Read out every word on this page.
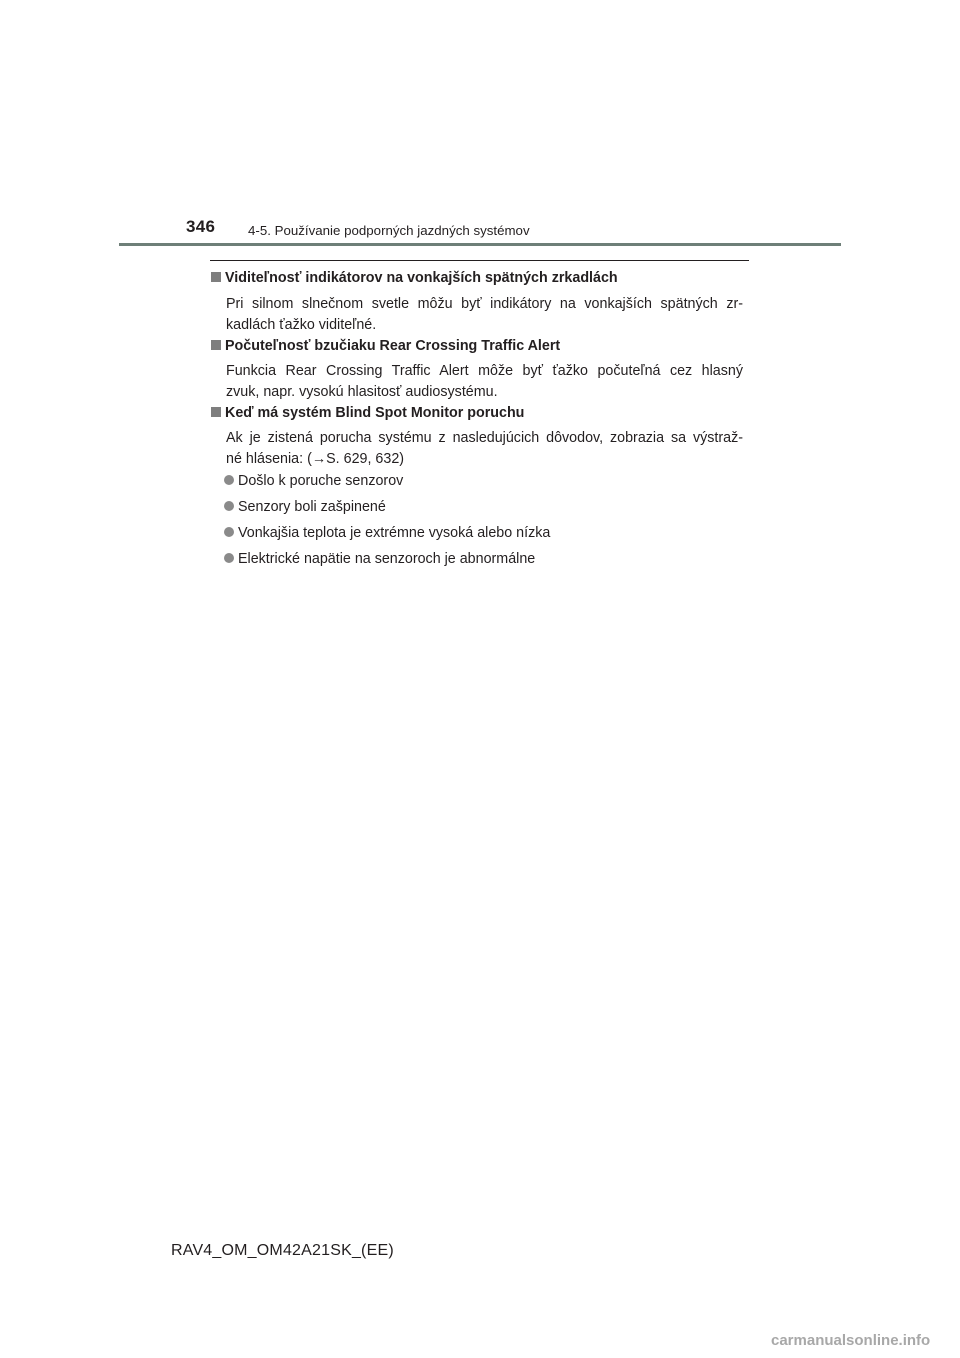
346 4-5. Používanie podporných jazdných systémov
Viditeľnosť indikátorov na vonkajších spätných zrkadlách
Pri silnom slnečnom svetle môžu byť indikátory na vonkajších spätných zr-
kadlách ťažko viditeľné.
Počuteľnosť bzučiaku Rear Crossing Traffic Alert
Funkcia Rear Crossing Traffic Alert môže byť ťažko počuteľná cez hlasný
zvuk, napr. vysokú hlasitosť audiosystému.
Keď má systém Blind Spot Monitor poruchu
Ak je zistená porucha systému z nasledujúcich dôvodov, zobrazia sa výstraž-
né hlásenia: (→S. 629, 632)
Došlo k poruche senzorov
Senzory boli zašpinené
Vonkajšia teplota je extrémne vysoká alebo nízka
Elektrické napätie na senzoroch je abnormálne
RAV4_OM_OM42A21SK_(EE)
carmanualsonline.info
